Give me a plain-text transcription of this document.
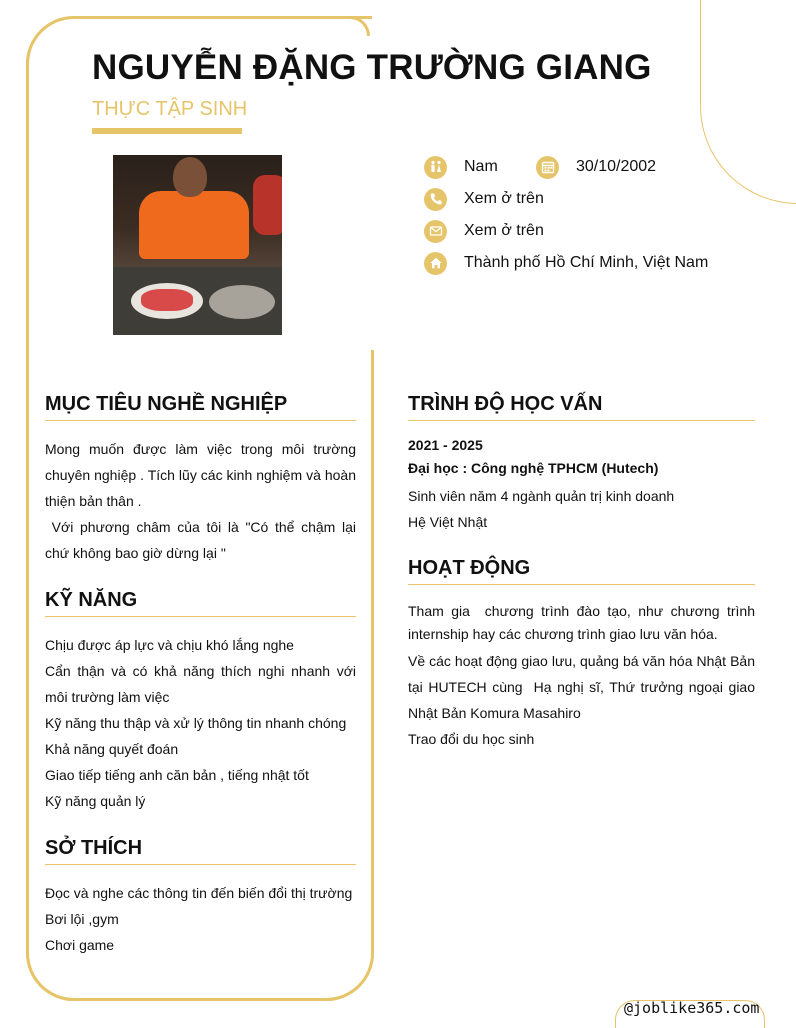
NGUYỄN ĐẶNG TRƯỜNG GIANG
THỰC TẬP SINH
Nam	30/10/2002
Xem ở trên
Xem ở trên
Thành phố Hồ Chí Minh, Việt Nam
MỤC TIÊU NGHỀ NGHIỆP
Mong muốn được làm việc trong môi trường chuyên nghiệp . Tích lũy các kinh nghiệm và hoàn thiện bản thân .
Với phương châm của tôi là "Có thể chậm lại chứ không bao giờ dừng lại "
KỸ NĂNG
Chịu được áp lực và chịu khó lắng nghe
Cẩn thận và có khả năng thích nghi nhanh với môi trường làm việc
Kỹ năng thu thập và xử lý thông tin nhanh chóng
Khả năng quyết đoán
Giao tiếp tiếng anh căn bản , tiếng nhật tốt
Kỹ năng quản lý
SỞ THÍCH
Đọc và nghe các thông tin đến biến đổi thị trường
Bơi lội ,gym
Chơi game
TRÌNH ĐỘ HỌC VẤN
2021 - 2025
Đại học : Công nghệ TPHCM (Hutech)
Sinh viên năm 4 ngành quản trị kinh doanh
Hệ Việt Nhật
HOẠT ĐỘNG
Tham gia  chương trình đào tạo, như chương trình internship hay các chương trình giao lưu văn hóa.
Về các hoạt động giao lưu, quảng bá văn hóa Nhật Bản tại HUTECH cùng  Hạ nghị sĩ, Thứ trưởng ngoại giao Nhật Bản Komura Masahiro
Trao đổi du học sinh
@joblike365.com
